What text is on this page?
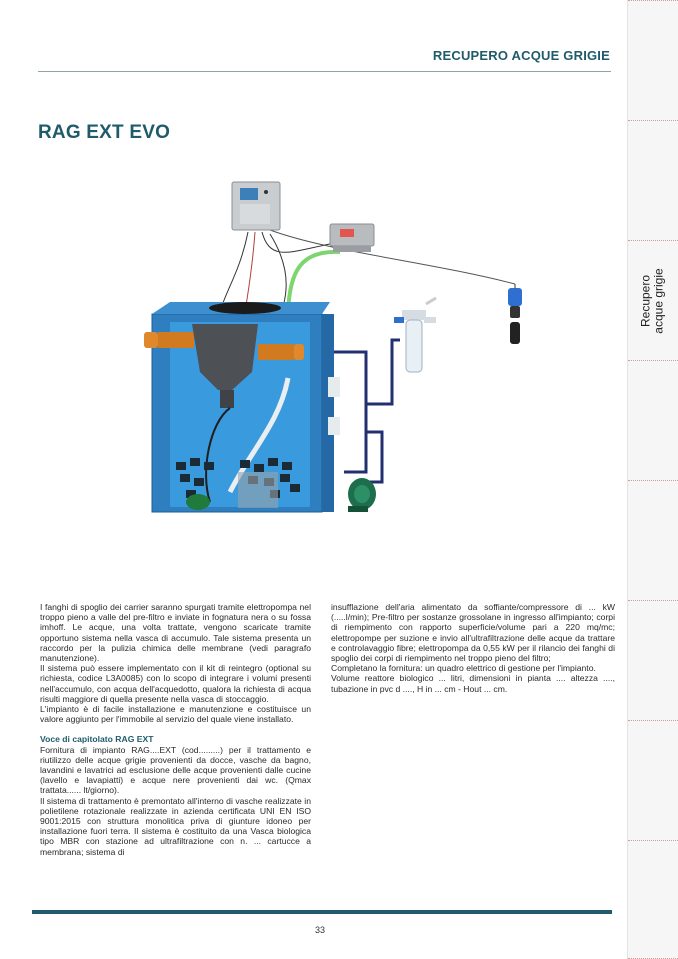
Recupero acque grigie
RECUPERO ACQUE GRIGIE
RAG EXT EVO

I fanghi di spoglio dei carrier saranno spurgati tramite elettropompa nel troppo pieno a valle del pre-filtro e inviate in fognatura nera o su fossa imhoff. Le acque, una volta trattate, vengono scaricate tramite opportuno sistema nella vasca di accumulo. Tale sistema presenta un raccordo per la pulizia chimica delle membrane (vedi paragrafo manutenzione).

Il sistema può essere implementato con il kit di reintegro (optional su richiesta, codice L3A0085) con lo scopo di integrare i volumi presenti nell'accumulo, con acqua dell'acquedotto, qualora la richiesta di acqua risulti maggiore di quella presente nella vasca di stoccaggio.

L'impianto è di facile installazione e manutenzione e costituisce un valore aggiunto per l'immobile al servizio del quale viene installato.

Voce di capitolato RAG EXT

Fornitura di impianto RAG....EXT (cod.........) per il trattamento e riutilizzo delle acque grigie provenienti da docce, vasche da bagno, lavandini e lavatrici ad esclusione delle acque provenienti dalle cucine (lavello e lavapiatti) e acque nere provenienti dai wc. (Qmax trattata...... lt/giorno).

Il sistema di trattamento è premontato all'interno di vasche realizzate in polietilene rotazionale realizzate in azienda certificata UNI EN ISO 9001:2015 con struttura monolitica priva di giunture idoneo per installazione fuori terra. Il sistema è costituito da una Vasca biologica tipo MBR con stazione ad ultrafiltrazione con n. ... cartucce a membrana; sistema di

insufflazione dell'aria alimentato da soffiante/compressore di ... kW (.....l/min); Pre-filtro per sostanze grossolane in ingresso all'impianto; corpi di riempimento con rapporto superficie/volume pari a 220 mq/mc; elettropompe per suzione e invio all'ultrafiltrazione delle acque da trattare e controlavaggio fibre; elettropompa da 0,55 kW per il rilancio dei fanghi di spoglio dei corpi di riempimento nel troppo pieno del filtro;

Completano la fornitura: un quadro elettrico di gestione per l'impianto.

Volume reattore biologico ... litri, dimensioni in pianta .... altezza ...., tubazione in pvc d ...., H in ... cm - Hout ... cm.

33
